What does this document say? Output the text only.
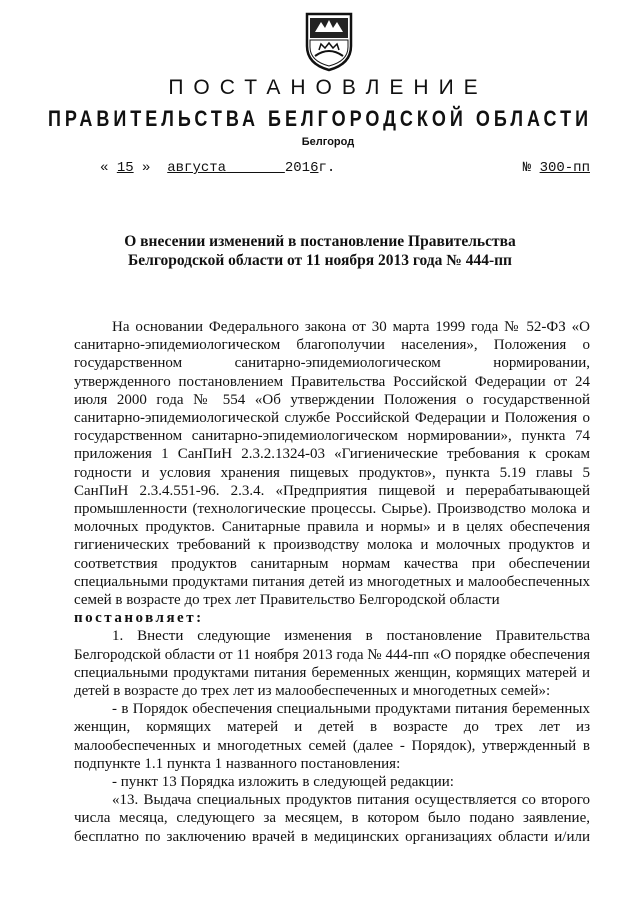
ПОСТАНОВЛЕНИЕ
ПРАВИТЕЛЬСТВА БЕЛГОРОДСКОЙ ОБЛАСТИ
Белгород
« 15 »  августа	2016г.	№ 300-пп
О внесении изменений в постановление Правительства
Белгородской области от 11 ноября 2013 года № 444-пп

На основании Федерального закона от 30 марта 1999 года № 52-ФЗ «О санитарно-эпидемиологическом благополучии населения», Положения о государственном санитарно-эпидемиологическом нормировании, утвержденного постановлением Правительства Российской Федерации от 24 июля 2000 года № 554 «Об утверждении Положения о государственной санитарно-эпидемиологической службе Российской Федерации и Положения о государственном санитарно-эпидемиологическом нормировании», пункта 74 приложения 1 СанПиН 2.3.2.1324-03 «Гигиенические требования к срокам годности и условия хранения пищевых продуктов», пункта 5.19 главы 5 СанПиН 2.3.4.551-96. 2.3.4. «Предприятия пищевой и перерабатывающей промышленности (технологические процессы. Сырье). Производство молока и молочных продуктов. Санитарные правила и нормы» и в целях обеспечения гигиенических требований к производству молока и молочных продуктов и соответствия продуктов санитарным нормам качества при обеспечении специальными продуктами питания детей из многодетных и малообеспеченных семей в возрасте до трех лет Правительство Белгородской области

постановляет:

1. Внести следующие изменения в постановление Правительства Белгородской области от 11 ноября 2013 года № 444-пп «О порядке обеспечения специальными продуктами питания беременных женщин, кормящих матерей и детей в возрасте до трех лет из малообеспеченных и многодетных семей»:

- в Порядок обеспечения специальными продуктами питания беременных женщин, кормящих матерей и детей в возрасте до трех лет из малообеспеченных и многодетных семей (далее - Порядок), утвержденный в подпункте 1.1 пункта 1 названного постановления:

- пункт 13 Порядка изложить в следующей редакции:

«13. Выдача специальных продуктов питания осуществляется со второго числа месяца, следующего за месяцем, в котором было подано заявление, бесплатно по заключению врачей в медицинских организациях области и/или
